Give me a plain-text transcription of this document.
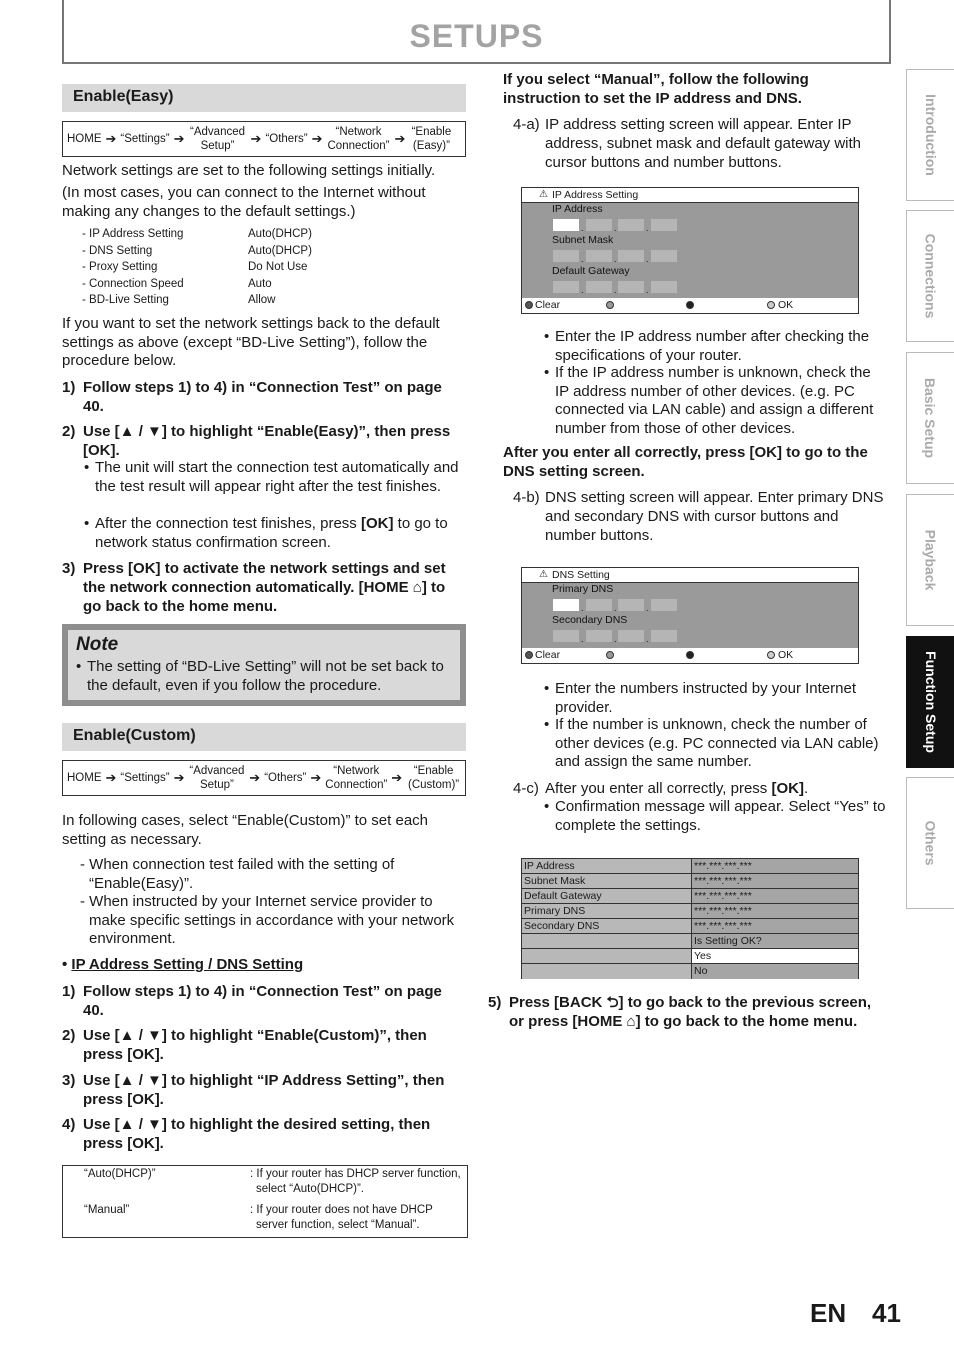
SETUPS
Enable(Easy)
HOME ➔ “Settings” ➔ “Advanced Setup”	➔ “Others” ➔	“Network Connection” ➔ “Enable (Easy)”
Network settings are set to the following settings initially.
(In most cases, you can connect to the Internet without making any changes to the default settings.)
- IP Address Setting	Auto(DHCP)
- DNS Setting	Auto(DHCP)
- Proxy Setting	Do Not Use
- Connection Speed	Auto
- BD-Live Setting	Allow
If you want to set the network settings back to the default settings as above (except “BD-Live Setting”), follow the procedure below.
1) Follow steps 1) to 4) in “Connection Test” on page 40.
2) Use [▲ / ▼] to highlight “Enable(Easy)”, then press [OK].
• The unit will start the connection test automatically and the test result will appear right after the test finishes.
• After the connection test finishes, press [OK] to go to network status confirmation screen.
3) Press [OK] to activate the network settings and set the network connection automatically. [HOME ⌂] to go back to the home menu.
Note
• The setting of “BD-Live Setting” will not be set back to the default, even if you follow the procedure.
Enable(Custom)
HOME ➔ “Settings” ➔ “Advanced Setup”	➔ “Others” ➔	“Network Connection” ➔	“Enable (Custom)”
In following cases, select “Enable(Custom)” to set each setting as necessary.
- When connection test failed with the setting of “Enable(Easy)”.
- When instructed by your Internet service provider to make specific settings in accordance with your network environment.
• IP Address Setting / DNS Setting
1) Follow steps 1) to 4) in “Connection Test” on page 40.
2) Use [▲ / ▼] to highlight “Enable(Custom)”, then press [OK].
3) Use [▲ / ▼] to highlight “IP Address Setting”, then press [OK].
4) Use [▲ / ▼] to highlight the desired setting, then press [OK].
“Auto(DHCP)”	: If your router has DHCP server function, select “Auto(DHCP)”.
“Manual”	: If your router does not have DHCP server function, select “Manual”.
If you select “Manual”, follow the following instruction to set the IP address and DNS.
4-a) IP address setting screen will appear. Enter IP address, subnet mask and default gateway with cursor buttons and number buttons.
⚠ IP Address Setting
IP Address
.	.	.
Subnet Mask
.	.	.
Default Gateway
.	.	.
Clear	OK
• Enter the IP address number after checking the specifications of your router.
• If the IP address number is unknown, check the IP address number of other devices. (e.g. PC connected via LAN cable) and assign a different number from those of other devices.
After you enter all correctly, press [OK] to go to the DNS setting screen.
4-b) DNS setting screen will appear. Enter primary DNS and secondary DNS with cursor buttons and number buttons.
⚠ DNS Setting
Primary DNS
.	.	.
Secondary DNS
.	.	.
Clear	OK
• Enter the numbers instructed by your Internet provider.
• If the number is unknown, check the number of other devices (e.g. PC connected via LAN cable) and assign the same number.
4-c) After you enter all correctly, press [OK].
• Confirmation message will appear. Select “Yes” to complete the settings.
IP Address	***.***.***.***
Subnet Mask	***.***.***.***
Default Gateway	***.***.***.***
Primary DNS	***.***.***.***
Secondary DNS	***.***.***.***
Is Setting OK?
Yes
No
5) Press [BACK ⮌] to go back to the previous screen, or press [HOME ⌂] to go back to the home menu.
Introduction
Connections
Basic Setup
Playback
Function Setup
Others
EN 41
